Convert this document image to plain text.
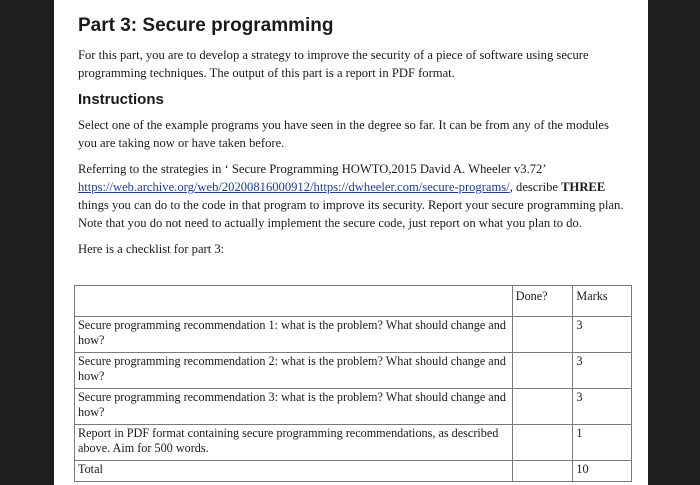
Part 3: Secure programming

For this part, you are to develop a strategy to improve the security of a piece of software using secure programming techniques. The output of this part is a report in PDF format.

Instructions

Select one of the example programs you have seen in the degree so far. It can be from any of the modules you are taking now or have taken before.

Referring to the strategies in ‘ Secure Programming HOWTO,2015 David A. Wheeler v3.72’ https://web.archive.org/web/20200816000912/https://dwheeler.com/secure-programs/, describe THREE things you can do to the code in that program to improve its security. Report your secure programming plan. Note that you do not need to actually implement the secure code, just report on what you plan to do.

Here is a checklist for part 3:

	Done?	Marks
Secure programming recommendation 1: what is the problem? What should change and how?		3
Secure programming recommendation 2: what is the problem? What should change and how?		3
Secure programming recommendation 3: what is the problem? What should change and how?		3
Report in PDF format containing secure programming recommendations, as described above. Aim for 500 words.		1
Total		10
